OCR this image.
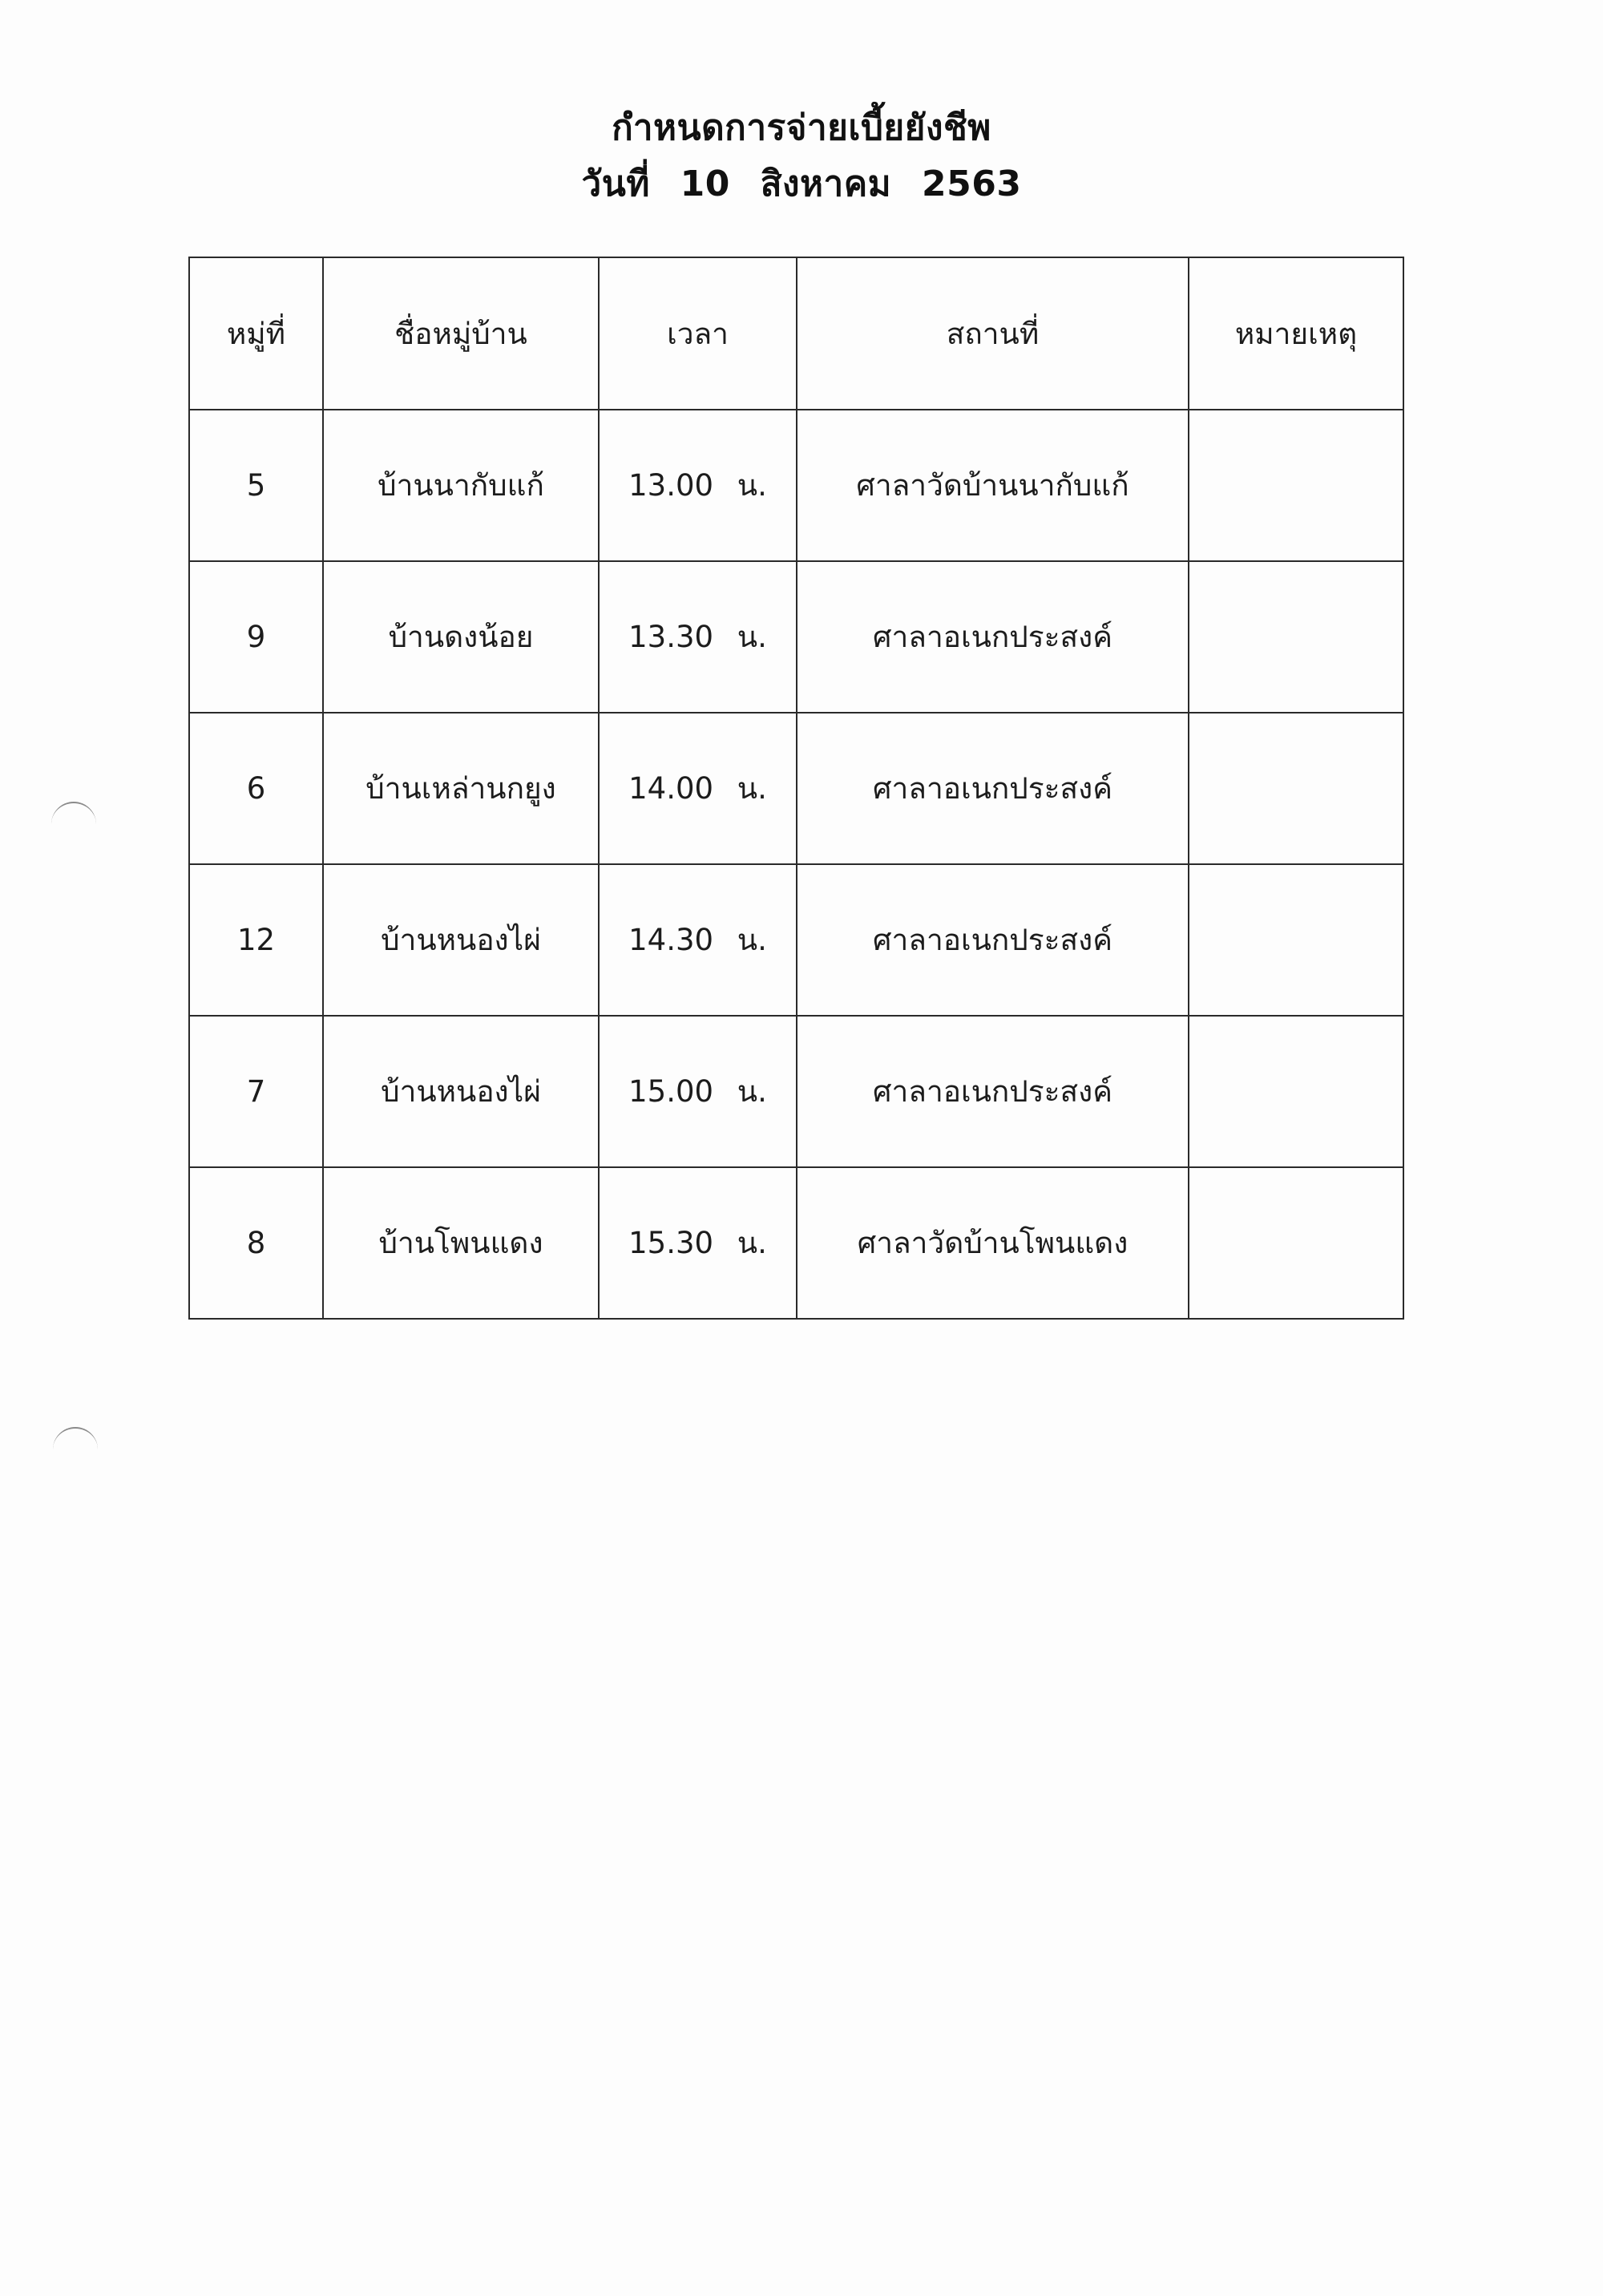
กำหนดการจ่ายเบี้ยยังชีพ
วันที่ 10 สิงหาคม 2563
หมู่ที่	ชื่อหมู่บ้าน	เวลา	สถานที่	หมายเหตุ
5	บ้านนากับแก้	13.00 น.	ศาลาวัดบ้านนากับแก้	
9	บ้านดงน้อย	13.30 น.	ศาลาอเนกประสงค์	
6	บ้านเหล่านกยูง	14.00 น.	ศาลาอเนกประสงค์	
12	บ้านหนองไผ่	14.30 น.	ศาลาอเนกประสงค์	
7	บ้านหนองไผ่	15.00 น.	ศาลาอเนกประสงค์	
8	บ้านโพนแดง	15.30 น.	ศาลาวัดบ้านโพนแดง	
